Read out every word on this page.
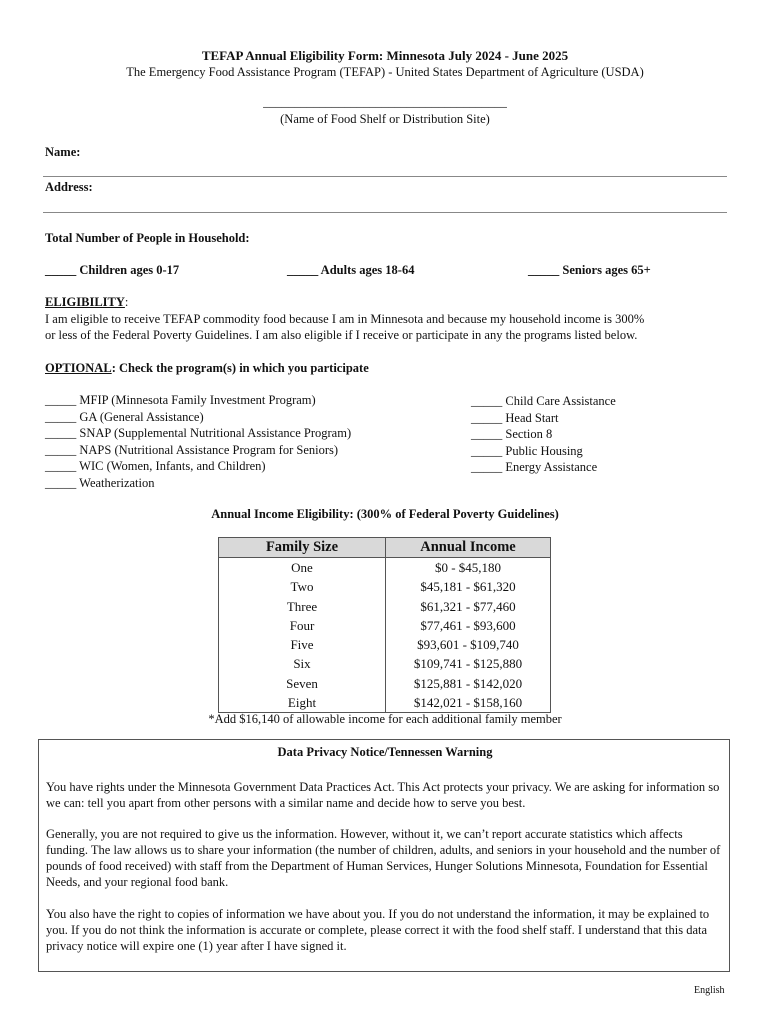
TEFAP Annual Eligibility Form: Minnesota July 2024 - June 2025
The Emergency Food Assistance Program (TEFAP) - United States Department of Agriculture (USDA)
_______________________________________
(Name of Food Shelf or Distribution Site)
Name:
Address:
Total Number of People in Household:
_____ Children ages 0-17	_____ Adults ages 18-64	_____ Seniors ages 65+
ELIGIBILITY:
I am eligible to receive TEFAP commodity food because I am in Minnesota and because my household income is 300%
or less of the Federal Poverty Guidelines. I am also eligible if I receive or participate in any the programs listed below.
OPTIONAL: Check the program(s) in which you participate
_____ MFIP (Minnesota Family Investment Program)
_____ GA (General Assistance)
_____ SNAP (Supplemental Nutritional Assistance Program)
_____ NAPS (Nutritional Assistance Program for Seniors)
_____ WIC (Women, Infants, and Children)
_____ Weatherization
_____ Child Care Assistance
_____ Head Start
_____ Section 8
_____ Public Housing
_____ Energy Assistance
Annual Income Eligibility: (300% of Federal Poverty Guidelines)
Family Size	Annual Income
One	$0 - $45,180
Two	$45,181 - $61,320
Three	$61,321 - $77,460
Four	$77,461 - $93,600
Five	$93,601 - $109,740
Six	$109,741 - $125,880
Seven	$125,881 - $142,020
Eight	$142,021 - $158,160
*Add $16,140 of allowable income for each additional family member
Data Privacy Notice/Tennessen Warning

You have rights under the Minnesota Government Data Practices Act. This Act protects your privacy. We are asking for information so we can: tell you apart from other persons with a similar name and decide how to serve you best.

Generally, you are not required to give us the information. However, without it, we can’t report accurate statistics which affects funding. The law allows us to share your information (the number of children, adults, and seniors in your household and the number of pounds of food received) with staff from the Department of Human Services, Hunger Solutions Minnesota, Foundation for Essential Needs, and your regional food bank.

You also have the right to copies of information we have about you. If you do not understand the information, it may be explained to you. If you do not think the information is accurate or complete, please correct it with the food shelf staff. I understand that this data privacy notice will expire one (1) year after I have signed it.

English
